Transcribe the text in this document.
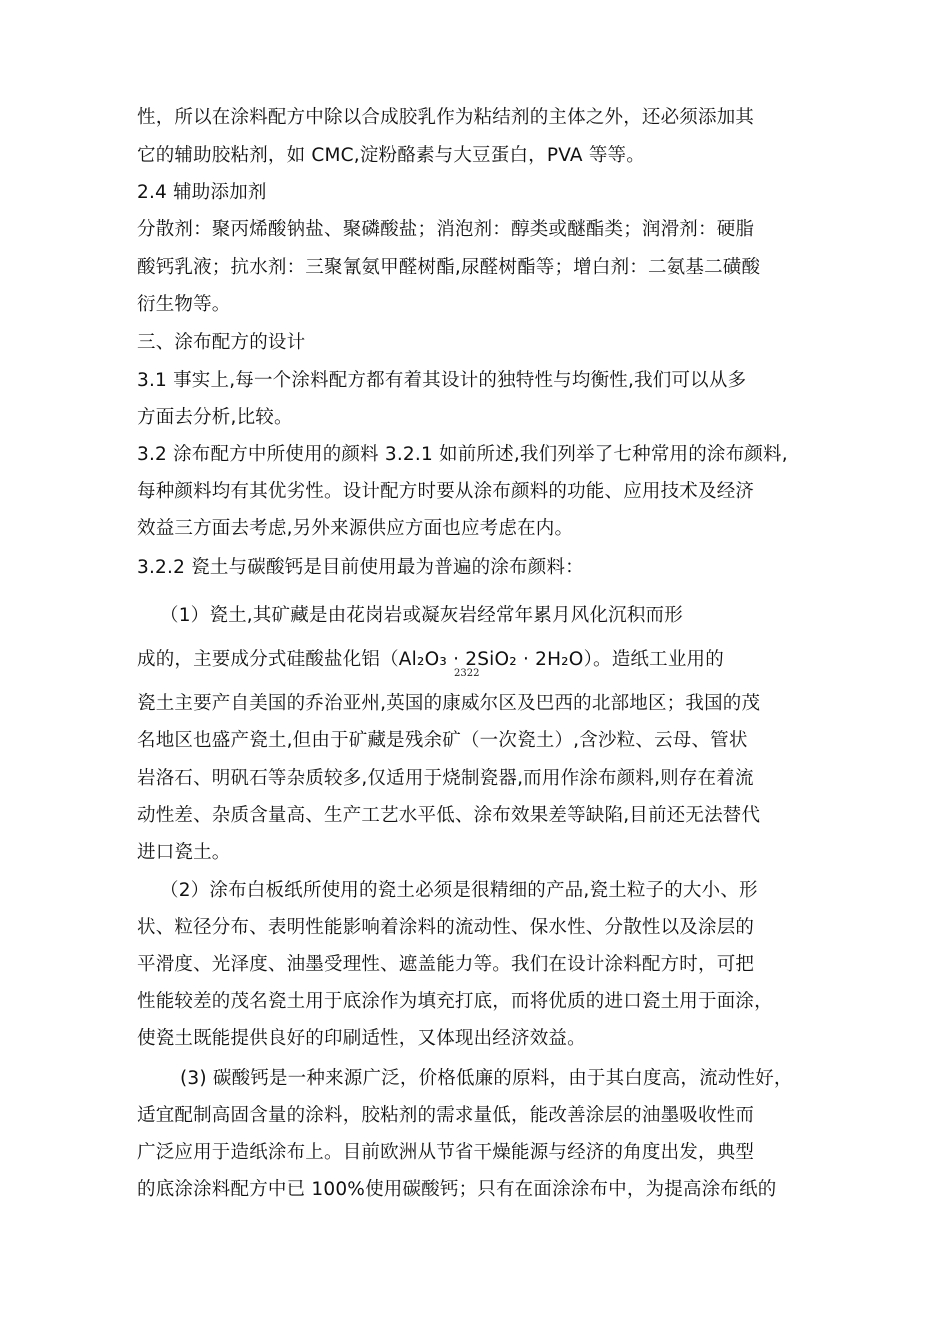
性，所以在涂料配方中除以合成胶乳作为粘结剂的主体之外，还必须添加其
它的辅助胶粘剂，如 CMC,淀粉酪素与大豆蛋白，PVA 等等。
2.4 辅助添加剂
分散剂：聚丙烯酸钠盐、聚磷酸盐；消泡剂：醇类或醚酯类；润滑剂：硬脂
酸钙乳液；抗水剂：三聚氰氨甲醛树酯,尿醛树酯等；增白剂：二氨基二磺酸
衍生物等。
三、涂布配方的设计
3.1 事实上,每一个涂料配方都有着其设计的独特性与均衡性,我们可以从多
方面去分析,比较。
3.2 涂布配方中所使用的颜料 3.2.1 如前所述,我们列举了七种常用的涂布颜料,
每种颜料均有其优劣性。设计配方时要从涂布颜料的功能、应用技术及经济
效益三方面去考虑,另外来源供应方面也应考虑在内。
3.2.2 瓷土与碳酸钙是目前使用最为普遍的涂布颜料：
（1）瓷土,其矿藏是由花岗岩或凝灰岩经常年累月风化沉积而形
成的，主要成分式硅酸盐化铝（Al₂O₃ · 2SiO₂ · 2H₂O）。造纸工业用的
2322
瓷土主要产自美国的乔治亚州,英国的康威尔区及巴西的北部地区；我国的茂
名地区也盛产瓷土,但由于矿藏是残余矿（一次瓷土）,含沙粒、云母、管状
岩洛石、明矾石等杂质较多,仅适用于烧制瓷器,而用作涂布颜料,则存在着流
动性差、杂质含量高、生产工艺水平低、涂布效果差等缺陷,目前还无法替代
进口瓷土。
（2）涂布白板纸所使用的瓷土必须是很精细的产品,瓷土粒子的大小、形
状、粒径分布、表明性能影响着涂料的流动性、保水性、分散性以及涂层的
平滑度、光泽度、油墨受理性、遮盖能力等。我们在设计涂料配方时，可把
性能较差的茂名瓷土用于底涂作为填充打底，而将优质的进口瓷土用于面涂，
使瓷土既能提供良好的印刷适性，又体现出经济效益。
(3) 碳酸钙是一种来源广泛，价格低廉的原料，由于其白度高，流动性好，
适宜配制高固含量的涂料，胶粘剂的需求量低，能改善涂层的油墨吸收性而
广泛应用于造纸涂布上。目前欧洲从节省干燥能源与经济的角度出发，典型
的底涂涂料配方中已 100%使用碳酸钙；只有在面涂涂布中，为提高涂布纸的
